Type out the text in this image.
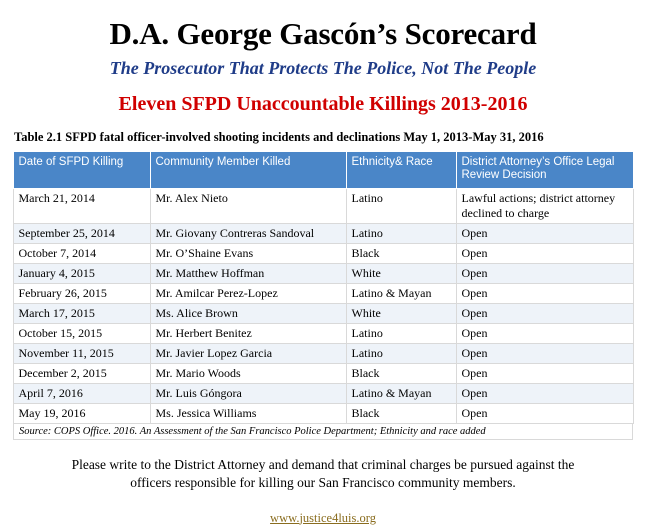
D.A. George Gascón’s Scorecard
The Prosecutor That Protects The Police, Not The People
Eleven SFPD Unaccountable Killings 2013-2016
Table 2.1 SFPD fatal officer-involved shooting incidents and declinations May 1, 2013-May 31, 2016
Date of SFPD Killing	Community Member Killed	Ethnicity& Race	District Attorney’s Office Legal Review Decision
March 21, 2014	Mr. Alex Nieto	Latino	Lawful actions; district attorney declined to charge
September 25, 2014	Mr. Giovany Contreras Sandoval	Latino	Open
October 7, 2014	Mr. O’Shaine Evans	Black	Open
January 4, 2015	Mr. Matthew Hoffman	White	Open
February 26, 2015	Mr. Amilcar Perez-Lopez	Latino & Mayan	Open
March 17, 2015	Ms. Alice Brown	White	Open
October 15, 2015	Mr. Herbert Benitez	Latino	Open
November 11, 2015	Mr. Javier Lopez Garcia	Latino	Open
December 2, 2015	Mr. Mario Woods	Black	Open
April 7, 2016	Mr. Luis Góngora	Latino & Mayan	Open
May 19, 2016	Ms. Jessica Williams	Black	Open
Source: COPS Office. 2016. An Assessment of the San Francisco Police Department; Ethnicity and race added
Please write to the District Attorney and demand that criminal charges be pursued against the officers responsible for killing our San Francisco community members.
www.justice4luis.org
